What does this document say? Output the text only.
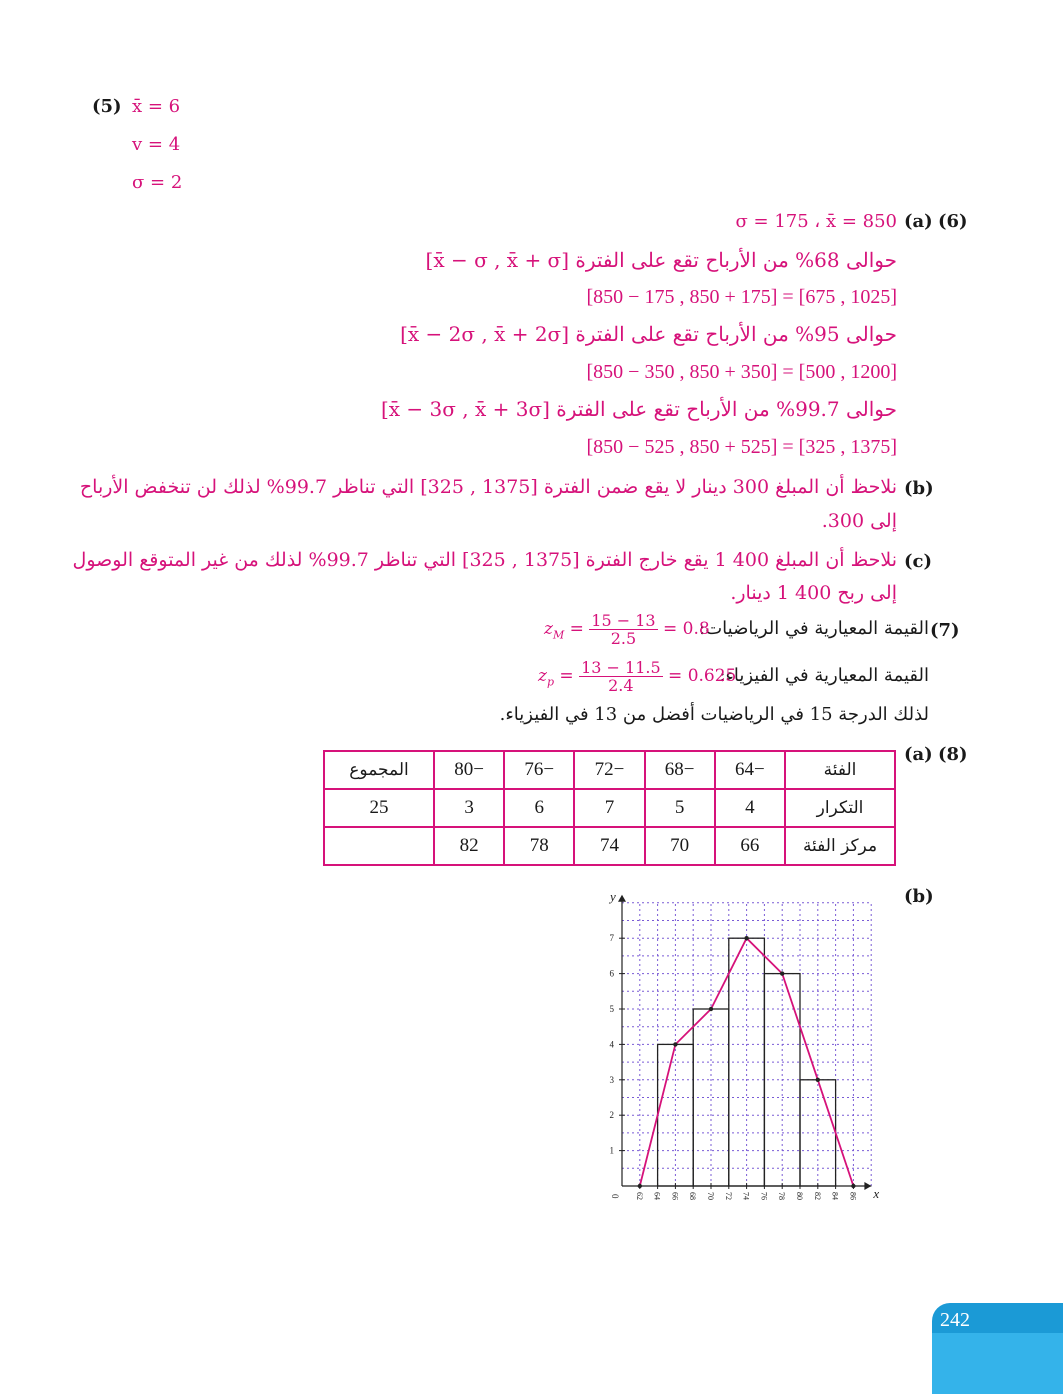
(5) x̄ = 6
v = 4
σ = 2
(6)
(a)
σ = 175 ، x̄ = 850
حوالى 68% من الأرباح تقع على الفترة [x̄ − σ , x̄ + σ]
[850 − 175 , 850 + 175] = [675 , 1025]
حوالى 95% من الأرباح تقع على الفترة [x̄ − 2σ , x̄ + 2σ]
[850 − 350 , 850 + 350] = [500 , 1200]
حوالى 99.7% من الأرباح تقع على الفترة [x̄ − 3σ , x̄ + 3σ]
[850 − 525 , 850 + 525] = [325 , 1375]
(b)
نلاحظ أن المبلغ 300 دينار لا يقع ضمن الفترة [1375 , 325] التي تناظر 99.7% لذلك لن تنخفض الأرباح
إلى 300.
(c)
نلاحظ أن المبلغ 400 1 يقع خارج الفترة [1375 , 325] التي تناظر 99.7% لذلك من غير المتوقع الوصول
إلى ربح 400 1 دينار.
(7)
القيمة المعيارية في الرياضيات:
$z_M = \frac{15 - 13}{2.5} = 0.8$
القيمة المعيارية في الفيزياء:
$z_p = \frac{13 - 11.5}{2.4} = 0.625$
لذلك الدرجة 15 في الرياضيات أفضل من 13 في الفيزياء.
(8)
(a)
المجموع	80−	76−	72−	68−	64−	الفئة
25	3	6	7	5	4	التكرار
	82	78	74	70	66	مركز الفئة
(b)
x
y
0
1
2
3
4
5
6
7
62 64 66 68 70 72 74 76 78 80 82 84 86
242
